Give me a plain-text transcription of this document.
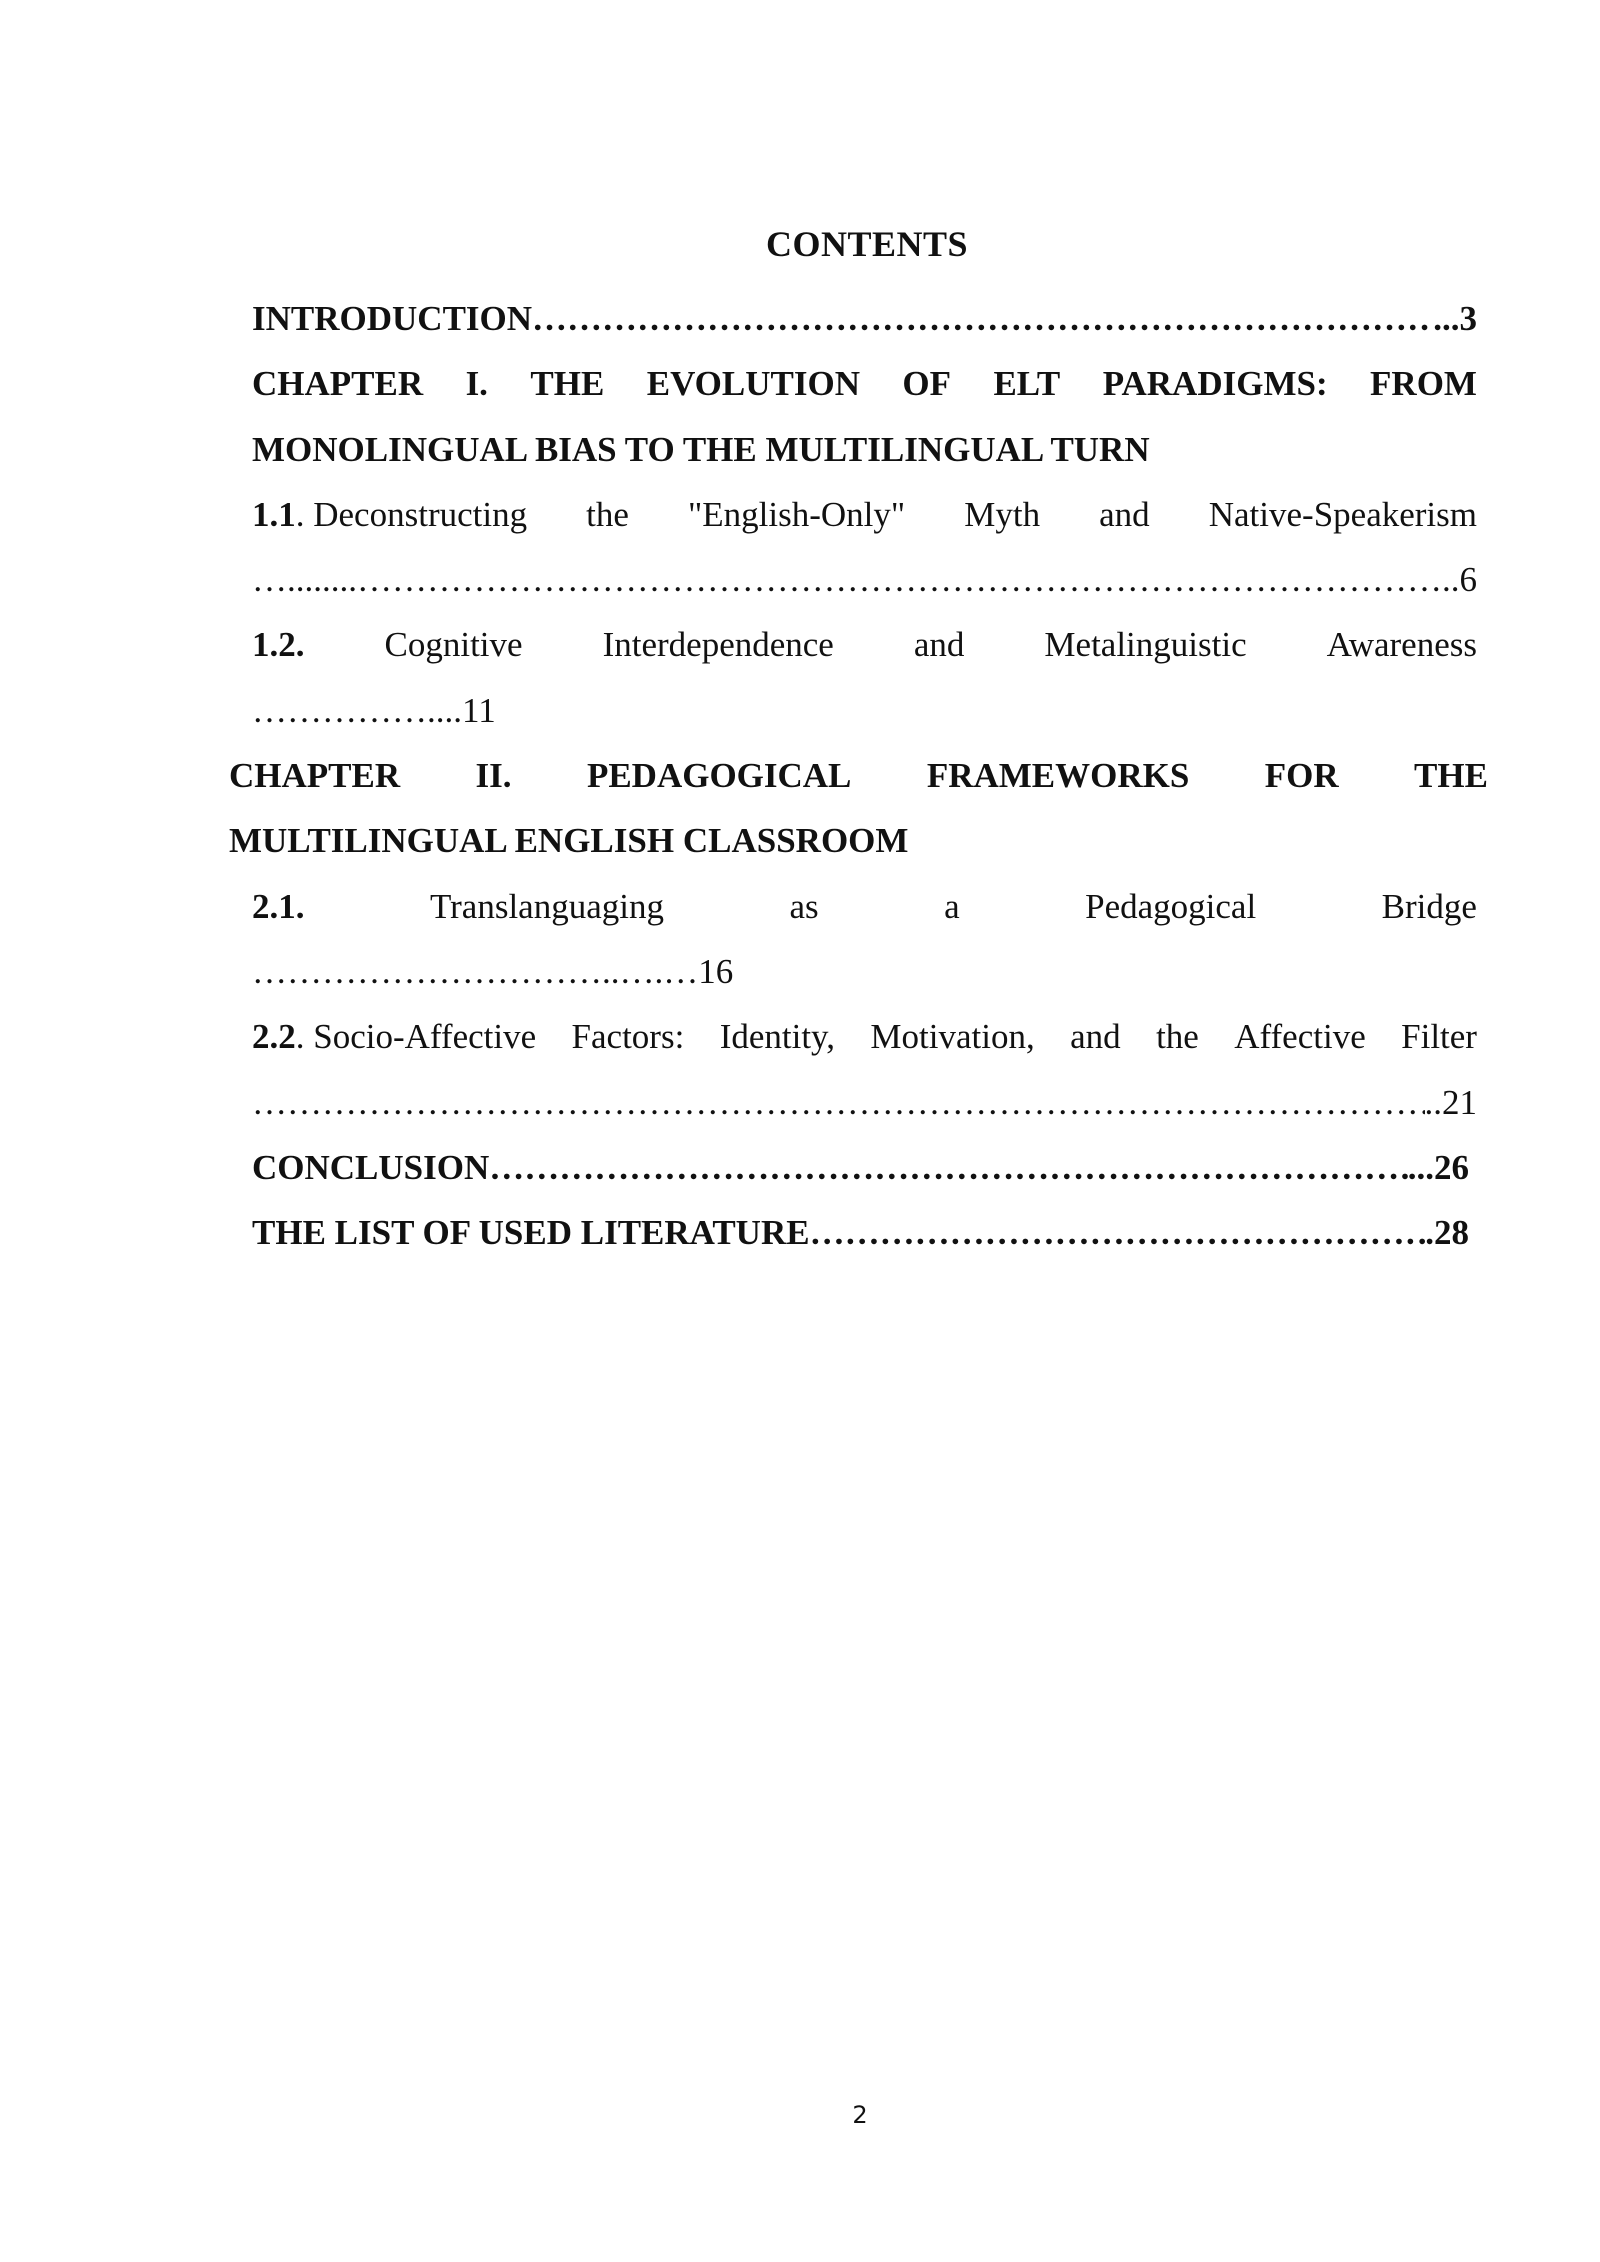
CONTENTS
INTRODUCTION ………………………………………………………………………………………………………………………………………………………………	...3
CHAPTER I. THE EVOLUTION OF ELT PARADIGMS: FROM
MONOLINGUAL BIAS TO THE MULTILINGUAL TURN
1.1. Deconstructing the "English-Only" Myth and Native-Speakerism
…........ ………………………………………………………………………………………………………………………………………………………………	..6
1.2. Cognitive Interdependence and Metalinguistic Awareness
……………....11
CHAPTER II. PEDAGOGICAL FRAMEWORKS FOR THE
MULTILINGUAL ENGLISH CLASSROOM
2.1.	Translanguaging	as	a	Pedagogical	Bridge
…………………………..….…16
2.2. Socio-Affective Factors: Identity, Motivation, and the Affective Filter
………………………………………………………………………………………………………………………………………………………………
..21
CONCLUSION ………………………………………………………………………………………………………………………………………………………………	...26
THE LIST OF USED LITERATURE ………………………………………………………………………………………………………………………………………………………………	.28
2
